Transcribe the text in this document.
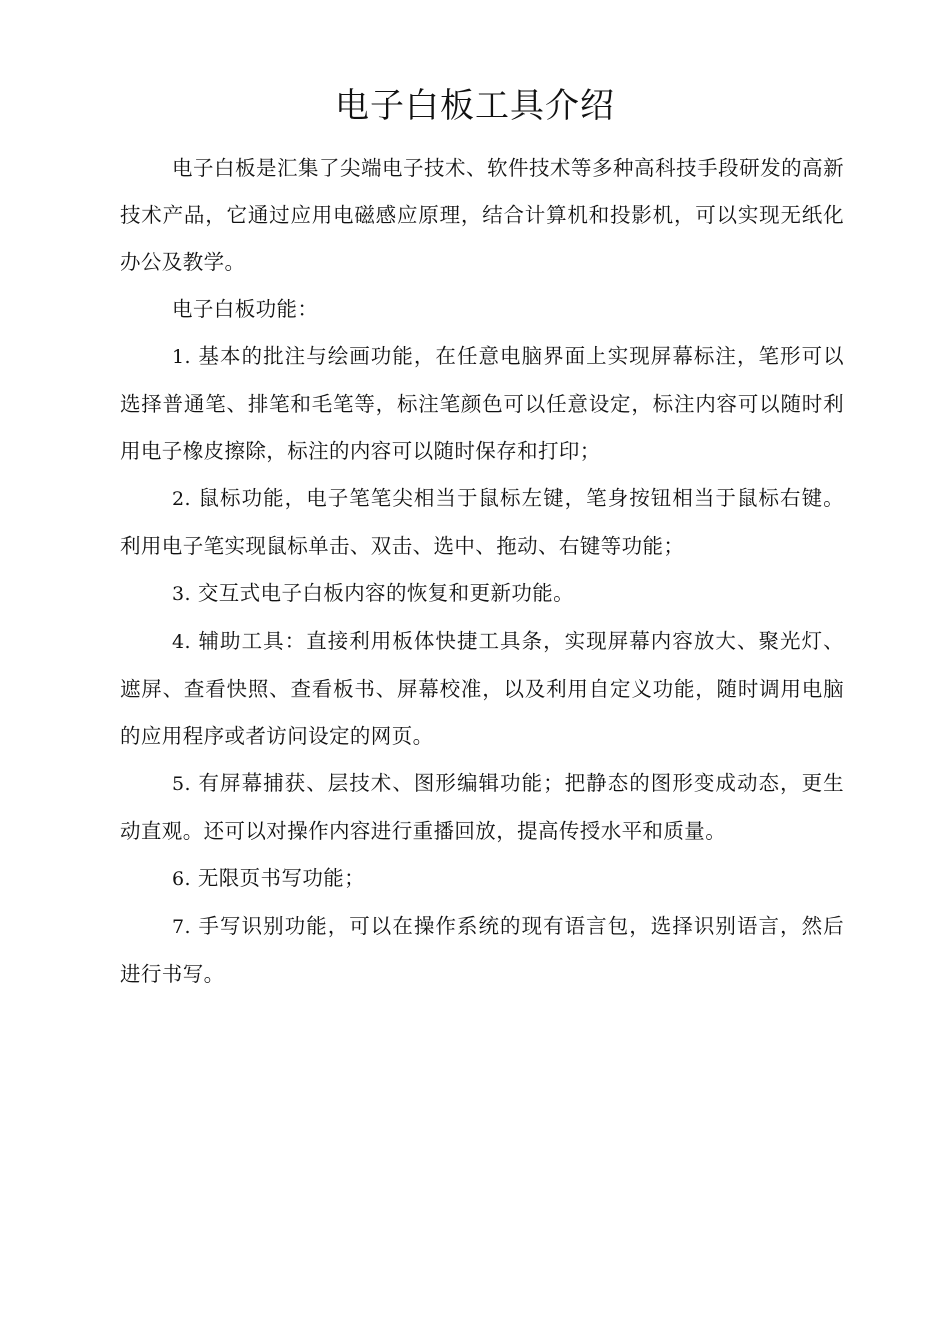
电子白板工具介绍

电子白板是汇集了尖端电子技术、软件技术等多种高科技手段研发的高新技术产品，它通过应用电磁感应原理，结合计算机和投影机，可以实现无纸化办公及教学。

电子白板功能：

1. 基本的批注与绘画功能，在任意电脑界面上实现屏幕标注，笔形可以选择普通笔、排笔和毛笔等，标注笔颜色可以任意设定，标注内容可以随时利用电子橡皮擦除，标注的内容可以随时保存和打印；

2. 鼠标功能，电子笔笔尖相当于鼠标左键，笔身按钮相当于鼠标右键。利用电子笔实现鼠标单击、双击、选中、拖动、右键等功能；

3. 交互式电子白板内容的恢复和更新功能。

4. 辅助工具：直接利用板体快捷工具条，实现屏幕内容放大、聚光灯、遮屏、查看快照、查看板书、屏幕校准，以及利用自定义功能，随时调用电脑的应用程序或者访问设定的网页。

5. 有屏幕捕获、层技术、图形编辑功能；把静态的图形变成动态，更生动直观。还可以对操作内容进行重播回放，提高传授水平和质量。

6. 无限页书写功能；

7. 手写识别功能，可以在操作系统的现有语言包，选择识别语言，然后进行书写。
